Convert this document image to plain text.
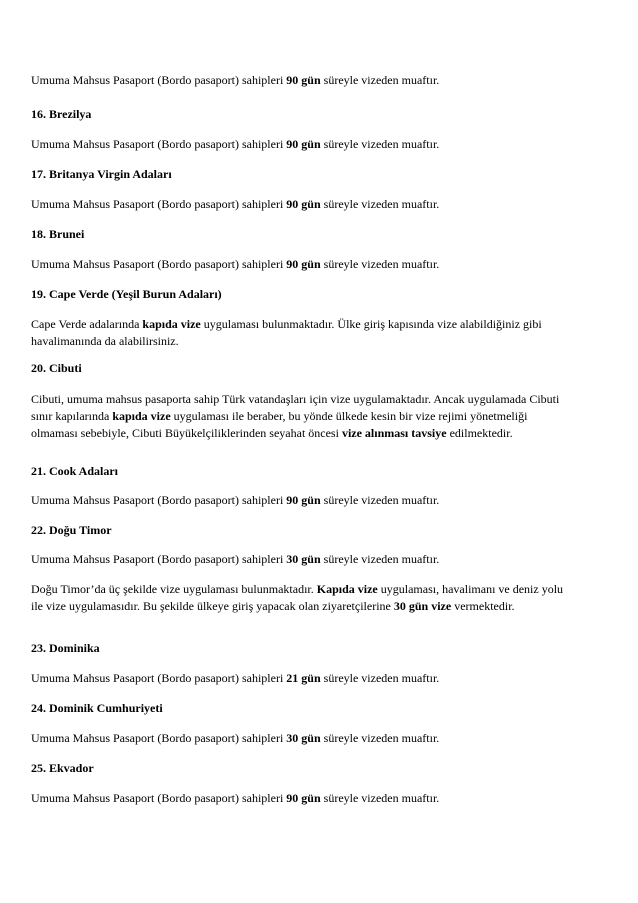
Umuma Mahsus Pasaport (Bordo pasaport) sahipleri 90 gün süreyle vizeden muaftır.

16. Brezilya

Umuma Mahsus Pasaport (Bordo pasaport) sahipleri 90 gün süreyle vizeden muaftır.

17. Britanya Virgin Adaları

Umuma Mahsus Pasaport (Bordo pasaport) sahipleri 90 gün süreyle vizeden muaftır.

18. Brunei

Umuma Mahsus Pasaport (Bordo pasaport) sahipleri 90 gün süreyle vizeden muaftır.

19. Cape Verde (Yeşil Burun Adaları)

Cape Verde adalarında kapıda vize uygulaması bulunmaktadır. Ülke giriş kapısında vize alabildiğiniz gibi havalimanında da alabilirsiniz.

20. Cibuti

Cibuti, umuma mahsus pasaporta sahip Türk vatandaşları için vize uygulamaktadır. Ancak uygulamada Cibuti sınır kapılarında kapıda vize uygulaması ile beraber, bu yönde ülkede kesin bir vize rejimi yönetmeliği olmaması sebebiyle, Cibuti Büyükelçiliklerinden seyahat öncesi vize alınması tavsiye edilmektedir.

21. Cook Adaları

Umuma Mahsus Pasaport (Bordo pasaport) sahipleri 90 gün süreyle vizeden muaftır.

22. Doğu Timor

Umuma Mahsus Pasaport (Bordo pasaport) sahipleri 30 gün süreyle vizeden muaftır.

Doğu Timor’da üç şekilde vize uygulaması bulunmaktadır. Kapıda vize uygulaması, havalimanı ve deniz yolu ile vize uygulamasıdır. Bu şekilde ülkeye giriş yapacak olan ziyaretçilerine 30 gün vize vermektedir.

23. Dominika

Umuma Mahsus Pasaport (Bordo pasaport) sahipleri 21 gün süreyle vizeden muaftır.

24. Dominik Cumhuriyeti

Umuma Mahsus Pasaport (Bordo pasaport) sahipleri 30 gün süreyle vizeden muaftır.

25. Ekvador

Umuma Mahsus Pasaport (Bordo pasaport) sahipleri 90 gün süreyle vizeden muaftır.
